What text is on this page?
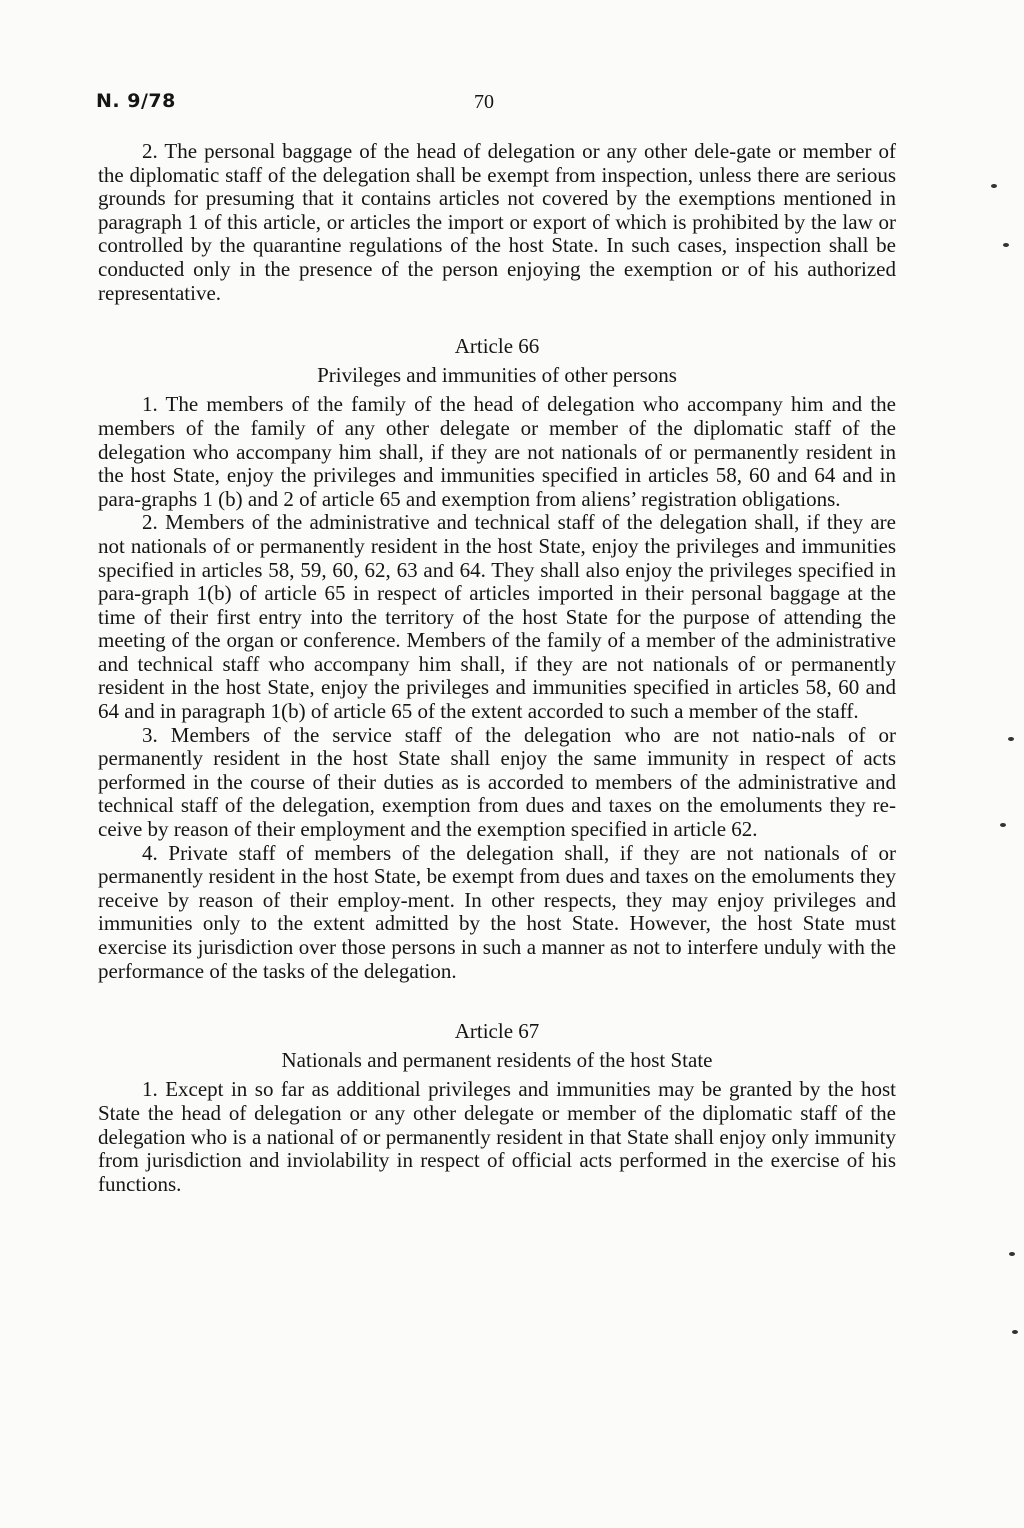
N. 9/78	70

2. The personal baggage of the head of delegation or any other dele-gate or member of the diplomatic staff of the delegation shall be exempt from inspection, unless there are serious grounds for presuming that it contains articles not covered by the exemptions mentioned in paragraph 1 of this article, or articles the import or export of which is prohibited by the law or controlled by the quarantine regulations of the host State. In such cases, inspection shall be conducted only in the presence of the person enjoying the exemption or of his authorized representative.

Article 66
Privileges and immunities of other persons

1. The members of the family of the head of delegation who accompany him and the members of the family of any other delegate or member of the diplomatic staff of the delegation who accompany him shall, if they are not nationals of or permanently resident in the host State, enjoy the privileges and immunities specified in articles 58, 60 and 64 and in para-graphs 1 (b) and 2 of article 65 and exemption from aliens’ registration obligations.

2. Members of the administrative and technical staff of the delegation shall, if they are not nationals of or permanently resident in the host State, enjoy the privileges and immunities specified in articles 58, 59, 60, 62, 63 and 64. They shall also enjoy the privileges specified in para-graph 1(b) of article 65 in respect of articles imported in their personal baggage at the time of their first entry into the territory of the host State for the purpose of attending the meeting of the organ or conference. Members of the family of a member of the administrative and technical staff who accompany him shall, if they are not nationals of or permanently resident in the host State, enjoy the privileges and immunities specified in articles 58, 60 and 64 and in paragraph 1(b) of article 65 of the extent accorded to such a member of the staff.

3. Members of the service staff of the delegation who are not natio-nals of or permanently resident in the host State shall enjoy the same immunity in respect of acts performed in the course of their duties as is accorded to members of the administrative and technical staff of the delegation, exemption from dues and taxes on the emoluments they re-ceive by reason of their employment and the exemption specified in article 62.

4. Private staff of members of the delegation shall, if they are not nationals of or permanently resident in the host State, be exempt from dues and taxes on the emoluments they receive by reason of their employ-ment. In other respects, they may enjoy privileges and immunities only to the extent admitted by the host State. However, the host State must exercise its jurisdiction over those persons in such a manner as not to interfere unduly with the performance of the tasks of the delegation.

Article 67
Nationals and permanent residents of the host State

1. Except in so far as additional privileges and immunities may be granted by the host State the head of delegation or any other delegate or member of the diplomatic staff of the delegation who is a national of or permanently resident in that State shall enjoy only immunity from jurisdiction and inviolability in respect of official acts performed in the exercise of his functions.
